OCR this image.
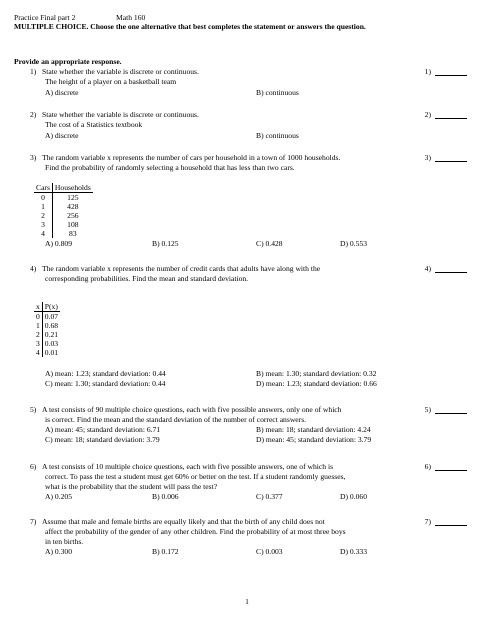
Practice Final part 2	Math 160
MULTIPLE CHOICE. Choose the one alternative that best completes the statement or answers the question.
Provide an appropriate response.
1) State whether the variable is discrete or continuous.	1)
The height of a player on a basketball team
A) discrete	B) continuous
2) State whether the variable is discrete or continuous.	2)
The cost of a Statistics textbook
A) discrete	B) continuous
3) The random variable x represents the number of cars per household in a town of 1000 households.	3)
Find the probability of randomly selecting a household that has less than two cars.
Cars	Households
0	125
1	428
2	256
3	108
4	83
A) 0.809	B) 0.125	C) 0.428	D) 0.553
4) The random variable x represents the number of credit cards that adults have along with the	4)
corresponding probabilities. Find the mean and standard deviation.
x	P(x)
0	0.07
1	0.68
2	0.21
3	0.03
4	0.01
A) mean: 1.23; standard deviation: 0.44	B) mean: 1.30; standard deviation: 0.32
C) mean: 1.30; standard deviation: 0.44	D) mean: 1.23; standard deviation: 0.66
5) A test consists of 90 multiple choice questions, each with five possible answers, only one of which	5)
is correct. Find the mean and the standard deviation of the number of correct answers.
A) mean: 45; standard deviation: 6.71	B) mean: 18; standard deviation: 4.24
C) mean: 18; standard deviation: 3.79	D) mean: 45; standard deviation: 3.79
6) A test consists of 10 multiple choice questions, each with five possible answers, one of which is	6)
correct. To pass the test a student must get 60% or better on the test. If a student randomly guesses,
what is the probability that the student will pass the test?
A) 0.205	B) 0.006	C) 0.377	D) 0.060
7) Assume that male and female births are equally likely and that the birth of any child does not	7)
affect the probability of the gender of any other children. Find the probability of at most three boys
in ten births.
A) 0.300	B) 0.172	C) 0.003	D) 0.333
1
